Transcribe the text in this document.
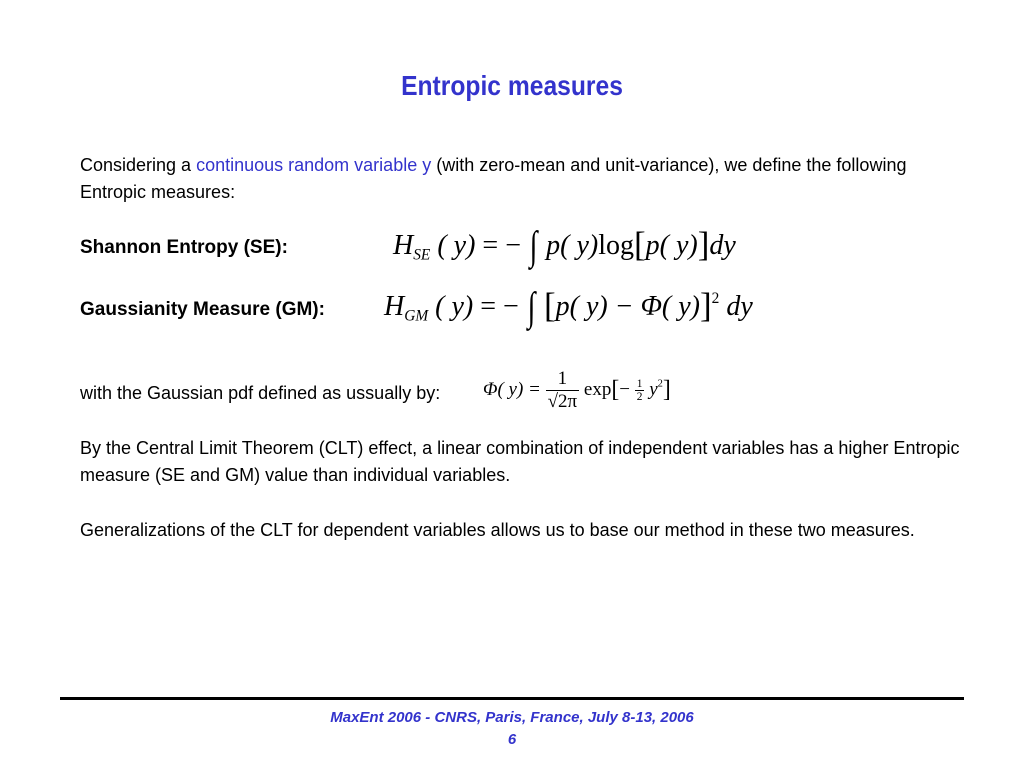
Entropic measures

Considering a continuous random variable y (with zero-mean and unit-variance), we define the following Entropic measures:

Shannon Entropy (SE):	$H_{SE}$ ( y) = − ∫ p( y)log[p( y)]dy

Gaussianity Measure (GM): $H_{GM}$ ( y) = − ∫ [p( y) − Φ( y)]$^2$ dy

with the Gaussian pdf defined as ussually by:	Φ( $y) = \frac{1}{√2\pi} \exp[- \frac{1}{2} y^2]$

By the Central Limit Theorem (CLT) effect, a linear combination of independent variables has a higher Entropic measure (SE and GM) value than individual variables.

Generalizations of the CLT for dependent variables allows us to base our method in these two measures.

MaxEnt 2006 - CNRS, Paris, France, July 8-13, 2006

6
